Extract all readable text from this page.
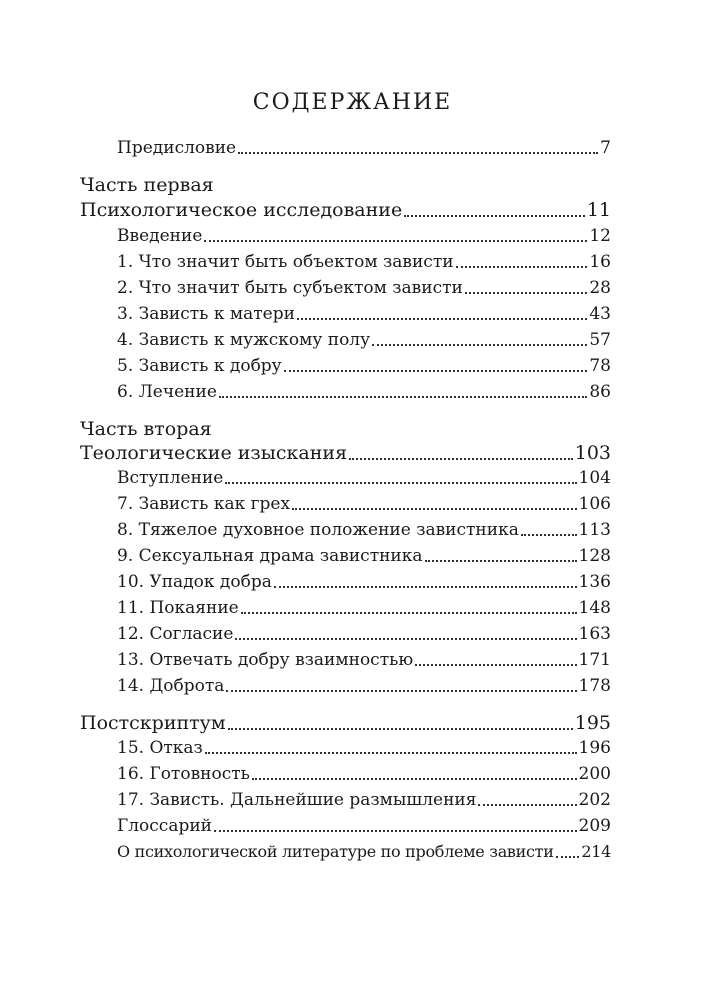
СОДЕРЖАНИЕ
Предисловие	7
Часть первая
Психологическое исследование	11
Введение	12
1. Что значит быть объектом зависти	16
2. Что значит быть субъектом зависти	28
3. Зависть к матери	43
4. Зависть к мужскому полу	57
5. Зависть к добру	78
6. Лечение	86
Часть вторая
Теологические изыскания	103
Вступление	104
7. Зависть как грех	106
8. Тяжелое духовное положение завистника	113
9. Сексуальная драма завистника	128
10. Упадок добра	136
11. Покаяние	148
12. Согласие	163
13. Отвечать добру взаимностью	171
14. Доброта	178
Постскриптум	195
15. Отказ	196
16. Готовность	200
17. Зависть. Дальнейшие размышления	202
Глоссарий	209
О психологической литературе по проблеме зависти 214
